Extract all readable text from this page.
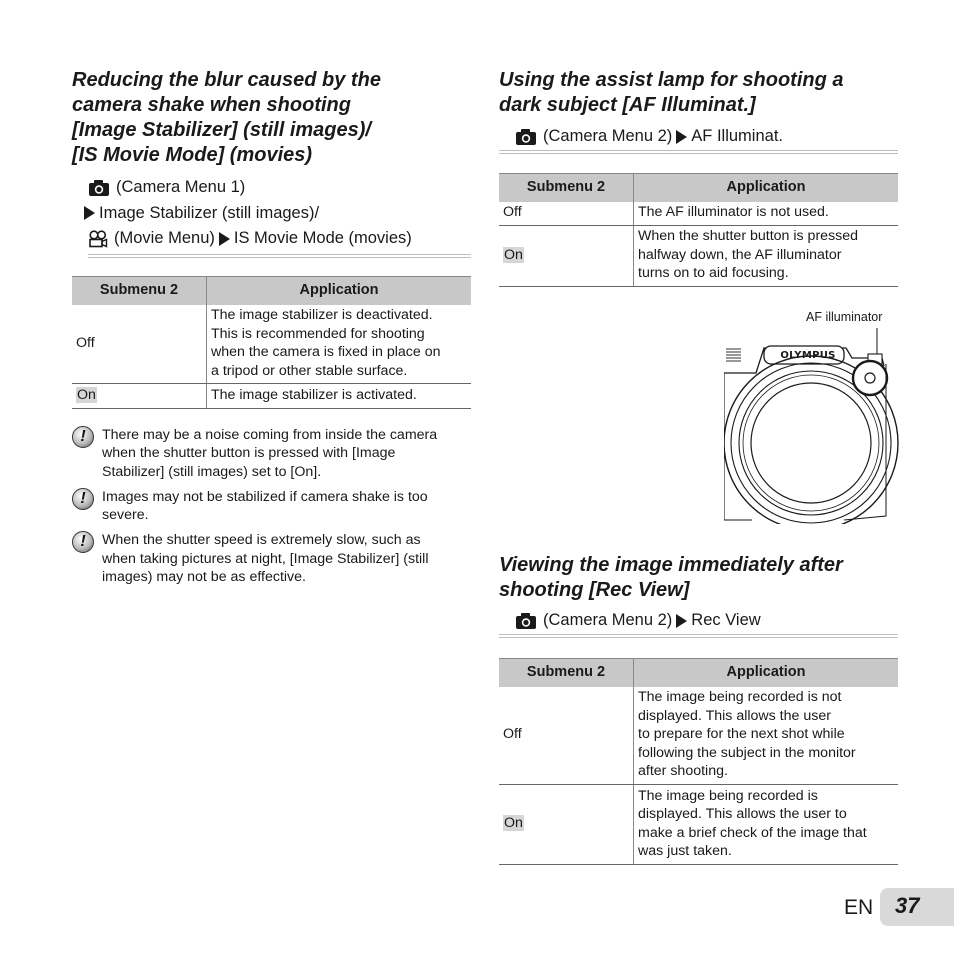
Reducing the blur caused by the
camera shake when shooting
[Image Stabilizer] (still images)/
[IS Movie Mode] (movies)
(Camera Menu 1)
Image Stabilizer (still images)/
(Movie Menu) IS Movie Mode (movies)
Submenu 2	Application
Off	The image stabilizer is deactivated.
This is recommended for shooting
when the camera is fixed in place on
a tripod or other stable surface.

On	The image stabilizer is activated.
!
There may be a noise coming from inside the camera
when the shutter button is pressed with [Image
Stabilizer] (still images) set to [On].
!
Images may not be stabilized if camera shake is too
severe.
!
When the shutter speed is extremely slow, such as
when taking pictures at night, [Image Stabilizer] (still
images) may not be as effective.
Using the assist lamp for shooting a
dark subject [AF Illuminat.]
(Camera Menu 2) AF Illuminat.
Submenu 2	Application
Off	The AF illuminator is not used.

On	When the shutter button is pressed
halfway down, the AF illuminator
turns on to aid focusing.
AF illuminator
OLYMPUS
Viewing the image immediately after
shooting [Rec View]
(Camera Menu 2) Rec View
Submenu 2	Application
Off	The image being recorded is not
displayed. This allows the user
to prepare for the next shot while
following the subject in the monitor
after shooting.

On	The image being recorded is
displayed. This allows the user to
make a brief check of the image that
was just taken.
EN 37
